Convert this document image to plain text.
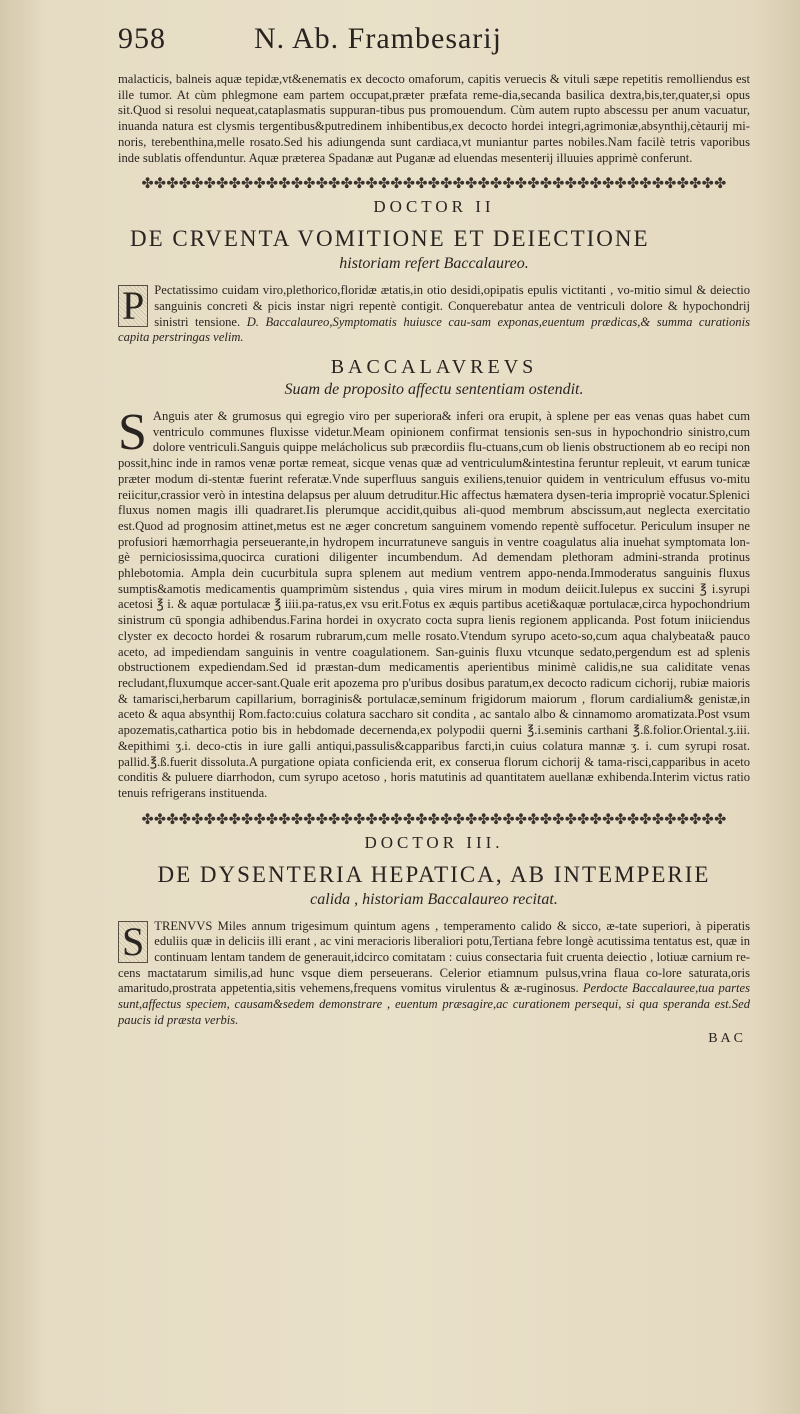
958	N. Ab. Frambesarij

malacticis, balneis aquæ tepidæ,vt&enematis ex decocto omaforum, capitis veruecis & vituli sæpe repetitis remolliendus est ille tumor. At cùm phlegmone eam partem occupat,præter præfata reme-dia,secanda basilica dextra,bis,ter,quater,si opus sit.Quod si resolui nequeat,cataplasmatis suppuran-tibus pus promouendum. Cùm autem rupto abscessu per anum vacuatur, inuanda natura est clysmis tergentibus&putredinem inhibentibus,ex decocto hordei integri,agrimoniæ,absynthij,cètaurij mi-noris, terebenthina,melle rosato.Sed his adiungenda sunt cardiaca,vt muniantur partes nobiles.Nam facilè tetris vaporibus inde sublatis offenduntur. Aquæ præterea Spadanæ aut Puganæ ad eluendas mesenterij illuuies apprimè conferunt.

✤✤✤✤✤✤✤✤✤✤✤✤✤✤✤✤✤✤✤✤✤✤✤✤✤✤✤✤✤✤✤✤✤✤✤✤✤✤✤✤✤✤✤✤✤✤✤
DOCTOR II
DE CRVENTA VOMITIONE ET DEIECTIONE
historiam refert Baccalaureo.

P Pectatissimo cuidam viro,plethorico,floridæ ætatis,in otio desidi,opipatis epulis victitanti , vo-mitio simul & deiectio sanguinis concreti & picis instar nigri repentè contigit. Conquerebatur antea de ventriculi dolore & hypochondrij sinistri tensione. D. Baccalaureo,Symptomatis huiusce cau-sam exponas,euentum prædicas,& summa curationis capita perstringas velim.

BACCALAVREVS
Suam de proposito affectu sententiam ostendit.

S Anguis ater & grumosus qui egregio viro per superiora& inferi ora erupit, à splene per eas venas quas habet cum ventriculo communes fluxisse videtur.Meam opinionem confirmat tensionis sen-sus in hypochondrio sinistro,cum dolore ventriculi.Sanguis quippe melácholicus sub præcordiis flu-ctuans,cum ob lienis obstructionem ab eo recipi non possit,hinc inde in ramos venæ portæ remeat, sicque venas quæ ad ventriculum&intestina feruntur repleuit, vt earum tunicæ præter modum di-stentæ fuerint referatæ.Vnde superfluus sanguis exiliens,tenuior quidem in ventriculum effusus vo-mitu reiicitur,crassior verò in intestina delapsus per aluum detruditur.Hic affectus hæmatera dysen-teria impropriè vocatur.Splenici fluxus nomen magis illi quadraret.Iis plerumque accidit,quibus ali-quod membrum abscissum,aut neglecta exercitatio est.Quod ad prognosim attinet,metus est ne æger concretum sanguinem vomendo repentè suffocetur. Periculum insuper ne profusiori hæmorrhagia perseuerante,in hydropem incurratuneve sanguis in ventre coagulatus alia inuehat symptomata lon-gè perniciosissima,quocirca curationi diligenter incumbendum. Ad demendam plethoram admini-stranda protinus phlebotomia. Ampla dein cucurbitula supra splenem aut medium ventrem appo-nenda.Immoderatus sanguinis fluxus sumptis&amotis medicamentis quamprimùm sistendus , quia vires mirum in modum deiicit.Iulepus ex succini ℥ i.syrupi acetosi ℥ i. & aquæ portulacæ ℥ iiii.pa-ratus,ex vsu erit.Fotus ex æquis partibus aceti&aquæ portulacæ,circa hypochondrium sinistrum cū spongia adhibendus.Farina hordei in oxycrato cocta supra lienis regionem applicanda. Post fotum iniiciendus clyster ex decocto hordei & rosarum rubrarum,cum melle rosato.Vtendum syrupo aceto-so,cum aqua chalybeata& pauco aceto, ad impediendam sanguinis in ventre coagulationem. San-guinis fluxu vtcunque sedato,pergendum est ad splenis obstructionem expediendam.Sed id præstan-dum medicamentis aperientibus minimè calidis,ne sua caliditate venas recludant,fluxumque accer-sant.Quale erit apozema pro p'uribus dosibus paratum,ex decocto radicum cichorij, rubiæ maioris & tamarisci,herbarum capillarium, borraginis& portulacæ,seminum frigidorum maiorum , florum cardialium& genistæ,in aceto & aqua absynthij Rom.facto:cuius colatura saccharo sit condita , ac santalo albo & cinnamomo aromatizata.Post vsum apozematis,cathartica potio bis in hebdomade decernenda,ex polypodii querni ℥.i.seminis carthani ℥.ß.folior.Oriental.ʒ.iii. &epithimi ʒ.i. deco-ctis in iure galli antiqui,passulis&capparibus farcti,in cuius colatura mannæ ʒ. i. cum syrupi rosat. pallid.℥.ß.fuerit dissoluta.A purgatione opiata conficienda erit, ex conserua florum cichorij & tama-risci,capparibus in aceto conditis & puluere diarrhodon, cum syrupo acetoso , horis matutinis ad quantitatem auellanæ exhibenda.Interim victus ratio tenuis refrigerans instituenda.

✤✤✤✤✤✤✤✤✤✤✤✤✤✤✤✤✤✤✤✤✤✤✤✤✤✤✤✤✤✤✤✤✤✤✤✤✤✤✤✤✤✤✤✤✤✤✤
DOCTOR III.
DE DYSENTERIA HEPATICA, AB INTEMPERIE
calida , historiam Baccalaureo recitat.

S TRENVVS Miles annum trigesimum quintum agens , temperamento calido & sicco, æ-tate superiori, à piperatis eduliis quæ in deliciis illi erant , ac vini meracioris liberaliori potu,Tertiana febre longè acutissima tentatus est, quæ in continuam lentam tandem de generauit,idcirco comitatam : cuius consectaria fuit cruenta deiectio , lotiuæ carnium re-cens mactatarum similis,ad hunc vsque diem perseuerans. Celerior etiamnum pulsus,vrina flaua co-lore saturata,oris amaritudo,prostrata appetentia,sitis vehemens,frequens vomitus virulentus & æ-ruginosus. Perdocte Baccalauree,tua partes sunt,affectus speciem, causam&sedem demonstrare , euentum præsagire,ac curationem persequi, si qua speranda est.Sed paucis id præsta verbis.

BAC
